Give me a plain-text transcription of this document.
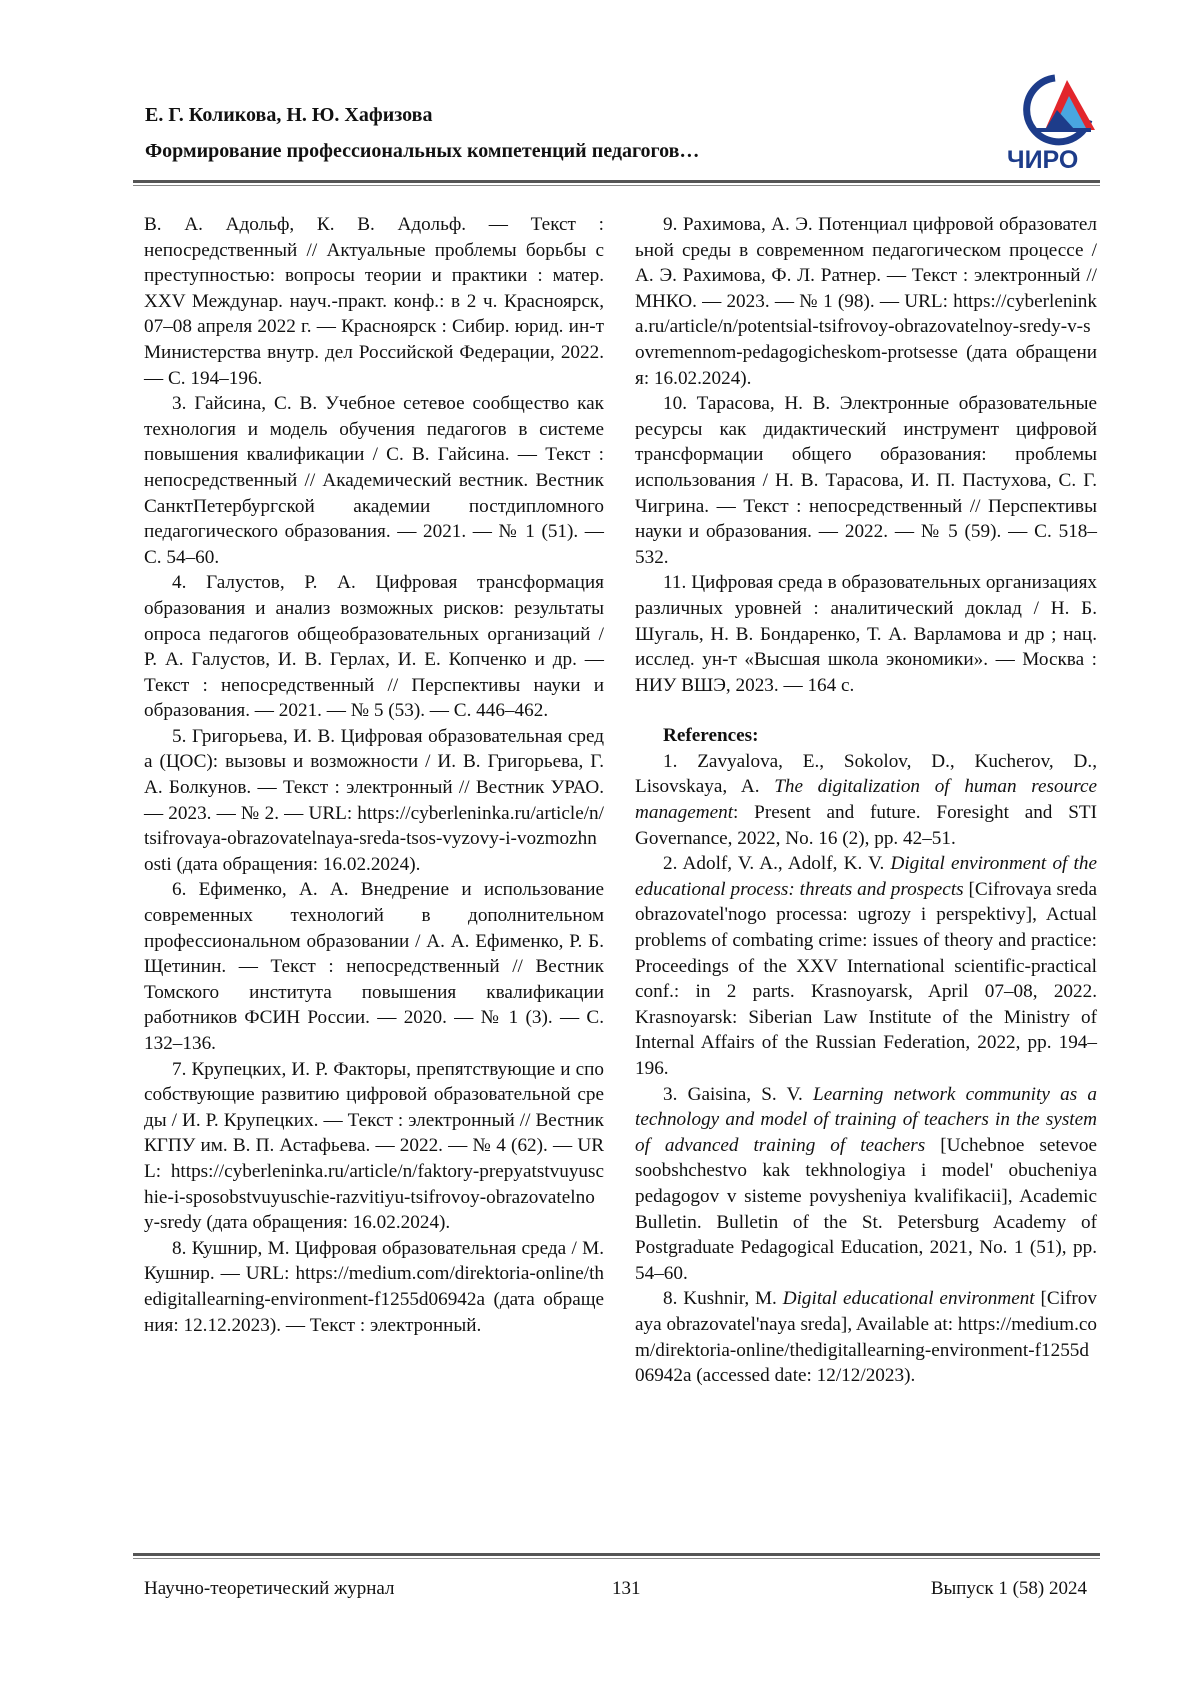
Е. Г. Коликова, Н. Ю. Хафизова
Формирование профессиональных компетенций педагогов…	ЧИРО

В. А. Адольф, К. В. Адольф. — Текст : непосредственный // Актуальные проблемы борьбы с преступностью: вопросы теории и практики : матер. XXV Междунар. науч.-практ. конф.: в 2 ч. Красноярск, 07–08 апреля 2022 г. — Красноярск : Сибир. юрид. ин-т Министерства внутр. дел Российской Федерации, 2022. — С. 194–196.

3. Гайсина, С. В. Учебное сетевое сообщество как технология и модель обучения педагогов в системе повышения квалификации / С. В. Гайсина. — Текст : непосредственный // Академический вестник. Вестник СанктПетербургской академии постдипломного педагогического образования. — 2021. — № 1 (51). — С. 54–60.

4. Галустов, Р. А. Цифровая трансформация образования и анализ возможных рисков: результаты опроса педагогов общеобразовательных организаций / Р. А. Галустов, И. В. Герлах, И. Е. Копченко и др. — Текст : непосредственный // Перспективы науки и образования. — 2021. — № 5 (53). — С. 446–462.

5. Григорьева, И. В. Цифровая образовательная среда (ЦОС): вызовы и возможности / И. В. Григорьева, Г. А. Болкунов. — Текст : электронный // Вестник УРАО. — 2023. — № 2. — URL: https://cyberleninka.ru/article/n/tsifrovaya-obrazovatelnaya-sreda-tsos-vyzovy-i-vozmozhnosti (дата обращения: 16.02.2024).

6. Ефименко, А. А. Внедрение и использование современных технологий в дополнительном профессиональном образовании / А. А. Ефименко, Р. Б. Щетинин. — Текст : непосредственный // Вестник Томского института повышения квалификации работников ФСИН России. — 2020. — № 1 (3). — С. 132–136.

7. Крупецких, И. Р. Факторы, препятствующие и способствующие развитию цифровой образовательной среды / И. Р. Крупецких. — Текст : электронный // Вестник КГПУ им. В. П. Астафьева. — 2022. — № 4 (62). — URL: https://cyberleninka.ru/article/n/faktory-prepyatstvuyuschie-i-sposobstvuyuschie-razvitiyu-tsifrovoy-obrazovatelnoy-sredy (дата обращения: 16.02.2024).

8. Кушнир, М. Цифровая образовательная среда / М. Кушнир. — URL: https://medium.com/direktoria-online/thedigitallearning-environment-f1255d06942a (дата обращения: 12.12.2023). — Текст : электронный.

9. Рахимова, А. Э. Потенциал цифровой образовательной среды в современном педагогическом процессе / А. Э. Рахимова, Ф. Л. Ратнер. — Текст : электронный // МНКО. — 2023. — № 1 (98). — URL: https://cyberleninka.ru/article/n/potentsial-tsifrovoy-obrazovatelnoy-sredy-v-sovremennom-pedagogicheskom-protsesse (дата обращения: 16.02.2024).

10. Тарасова, Н. В. Электронные образовательные ресурсы как дидактический инструмент цифровой трансформации общего образования: проблемы использования / Н. В. Тарасова, И. П. Пастухова, С. Г. Чигрина. — Текст : непосредственный // Перспективы науки и образования. — 2022. — № 5 (59). — С. 518–532.

11. Цифровая среда в образовательных организациях различных уровней : аналитический доклад / Н. Б. Шугаль, Н. В. Бондаренко, Т. А. Варламова и др ; нац. исслед. ун-т «Высшая школа экономики». — Москва : НИУ ВШЭ, 2023. — 164 с.

References:

1. Zavyalova, E., Sokolov, D., Kucherov, D., Lisovskaya, A. The digitalization of human resource management: Present and future. Foresight and STI Governance, 2022, No. 16 (2), pp. 42–51.

2. Adolf, V. A., Adolf, K. V. Digital environment of the educational process: threats and prospects [Cifrovaya sreda obrazovatel'nogo processa: ugrozy i perspektivy], Actual problems of combating crime: issues of theory and practice: Proceedings of the XXV International scientific-practical conf.: in 2 parts. Krasnoyarsk, April 07–08, 2022. Krasnoyarsk: Siberian Law Institute of the Ministry of Internal Affairs of the Russian Federation, 2022, pp. 194–196.

3. Gaisina, S. V. Learning network community as a technology and model of training of teachers in the system of advanced training of teachers [Uchebnoe setevoe soobshchestvo kak tekhnologiya i model' obucheniya pedagogov v sisteme povysheniya kvalifikacii], Academic Bulletin. Bulletin of the St. Petersburg Academy of Postgraduate Pedagogical Education, 2021, No. 1 (51), pp. 54–60.

8. Kushnir, M. Digital educational environment [Cifrovaya obrazovatel'naya sreda], Available at: https://medium.com/direktoria-online/thedigitallearning-environment-f1255d06942a (accessed date: 12/12/2023).

Научно-теоретический журнал	131	Выпуск 1 (58) 2024
